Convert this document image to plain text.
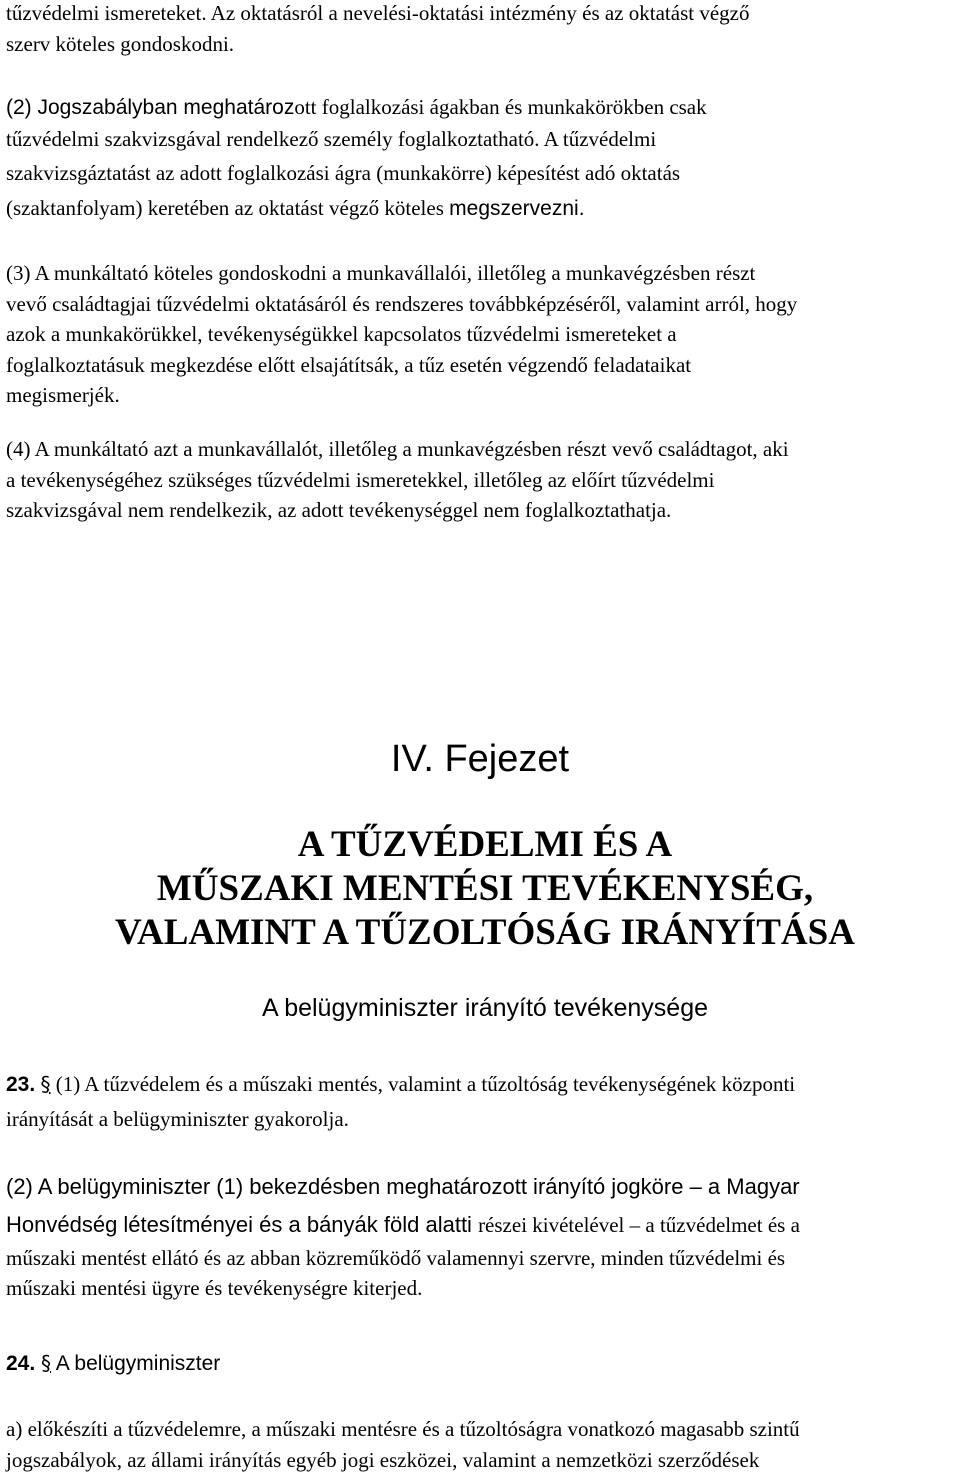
tűzvédelmi ismereteket. Az oktatásról a nevelési-oktatási intézmény és az oktatást végző
szerv köteles gondoskodni.
(2) Jogszabályban meghatározott foglalkozási ágakban és munkakörökben csak
tűzvédelmi szakvizsgával rendelkező személy foglalkoztatható. A tűzvédelmi
szakvizsgáztatást az adott foglalkozási ágra (munkakörre) képesítést adó oktatás
(szaktanfolyam) keretében az oktatást végző köteles megszervezni.
(3) A munkáltató köteles gondoskodni a munkavállalói, illetőleg a munkavégzésben részt
vevő családtagjai tűzvédelmi oktatásáról és rendszeres továbbképzéséről, valamint arról, hogy
azok a munkakörükkel, tevékenységükkel kapcsolatos tűzvédelmi ismereteket a
foglalkoztatásuk megkezdése előtt elsajátítsák, a tűz esetén végzendő feladataikat
megismerjék.
(4) A munkáltató azt a munkavállalót, illetőleg a munkavégzésben részt vevő családtagot, aki
a tevékenységéhez szükséges tűzvédelmi ismeretekkel, illetőleg az előírt tűzvédelmi
szakvizsgával nem rendelkezik, az adott tevékenységgel nem foglalkoztathatja.
IV. Fejezet
A TŰZVÉDELMI ÉS A
MŰSZAKI MENTÉSI TEVÉKENYSÉG,
VALAMINT A TŰZOLTÓSÁG IRÁNYÍTÁSA
A belügyminiszter irányító tevékenysége
23. § (1) A tűzvédelem és a műszaki mentés, valamint a tűzoltóság tevékenységének központi
irányítását a belügyminiszter gyakorolja.
(2) A belügyminiszter (1) bekezdésben meghatározott irányító jogköre – a Magyar
Honvédség létesítményei és a bányák föld alatti részei kivételével – a tűzvédelmet és a
műszaki mentést ellátó és az abban közreműködő valamennyi szervre, minden tűzvédelmi és
műszaki mentési ügyre és tevékenységre kiterjed.
24. § A belügyminiszter
a) előkészíti a tűzvédelemre, a műszaki mentésre és a tűzoltóságra vonatkozó magasabb szintű
jogszabályok, az állami irányítás egyéb jogi eszközei, valamint a nemzetközi szerződések
